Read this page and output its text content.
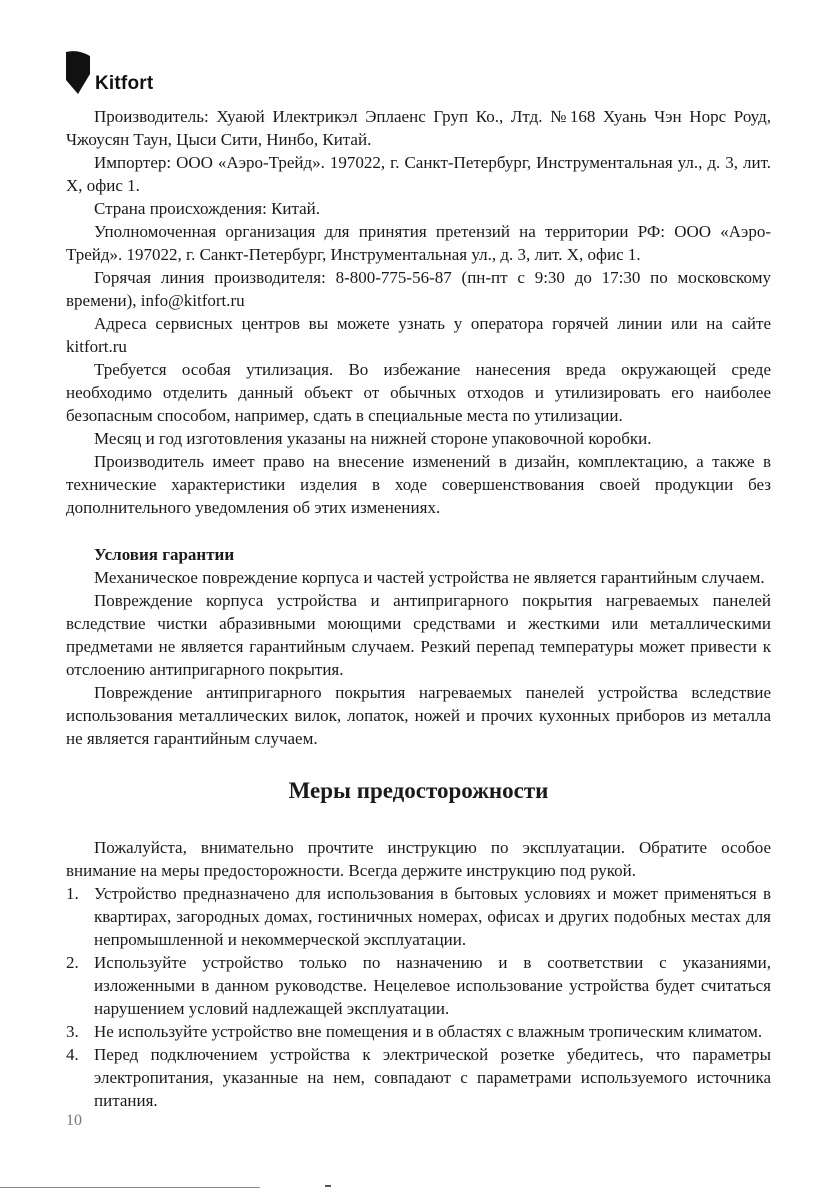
Kitfort

Производитель: Хуаюй Илектрикэл Эплаенс Груп Ко., Лтд. №168 Хуань Чэн Норс Роуд, Чжоусян Таун, Цыси Сити, Нинбо, Китай.

Импортер: ООО «Аэро-Трейд». 197022, г. Санкт-Петербург, Инструментальная ул., д. 3, лит. Х, офис 1.

Страна происхождения: Китай.

Уполномоченная организация для принятия претензий на территории РФ: ООО «Аэро-Трейд». 197022, г. Санкт-Петербург, Инструментальная ул., д. 3, лит. Х, офис 1.

Горячая линия производителя: 8-800-775-56-87 (пн-пт с 9:30 до 17:30 по московскому времени), info@kitfort.ru

Адреса сервисных центров вы можете узнать у оператора горячей линии или на сайте kitfort.ru

Требуется особая утилизация. Во избежание нанесения вреда окружающей среде необходимо отделить данный объект от обычных отходов и утилизировать его наиболее безопасным способом, например, сдать в специальные места по утилизации.

Месяц и год изготовления указаны на нижней стороне упаковочной коробки.

Производитель имеет право на внесение изменений в дизайн, комплектацию, а также в технические характеристики изделия в ходе совершенствования своей продукции без дополнительного уведомления об этих изменениях.

Условия гарантии

Механическое повреждение корпуса и частей устройства не является гарантийным случаем.

Повреждение корпуса устройства и антипригарного покрытия нагреваемых панелей вследствие чистки абразивными моющими средствами и жесткими или металлическими предметами не является гарантийным случаем. Резкий перепад температуры может привести к отслоению антипригарного покрытия.

Повреждение антипригарного покрытия нагреваемых панелей устройства вследствие использования металлических вилок, лопаток, ножей и прочих кухонных приборов из металла не является гарантийным случаем.

Меры предосторожности

Пожалуйста, внимательно прочтите инструкцию по эксплуатации. Обратите особое внимание на меры предосторожности. Всегда держите инструкцию под рукой.

1. Устройство предназначено для использования в бытовых условиях и может применяться в квартирах, загородных домах, гостиничных номерах, офисах и других подобных местах для непромышленной и некоммерческой эксплуатации.
2. Используйте устройство только по назначению и в соответствии с указаниями, изложенными в данном руководстве. Нецелевое использование устройства будет считаться нарушением условий надлежащей эксплуатации.
3. Не используйте устройство вне помещения и в областях с влажным тропическим климатом.
4. Перед подключением устройства к электрической розетке убедитесь, что параметры электропитания, указанные на нем, совпадают с параметрами используемого источника питания.
10
